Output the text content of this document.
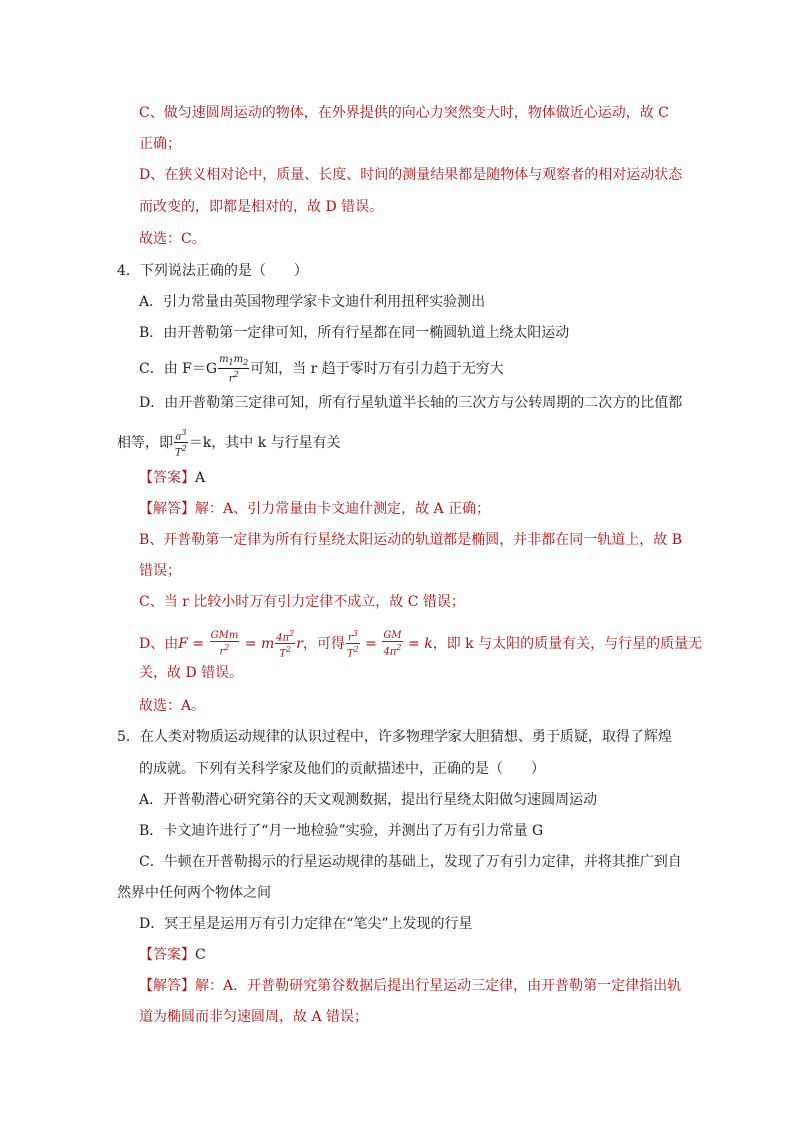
C、做匀速圆周运动的物体，在外界提供的向心力突然变大时，物体做近心运动，故 C
正确；
D、在狭义相对论中，质量、长度、时间的测量结果都是随物体与观察者的相对运动状态
而改变的，即都是相对的，故 D 错误。
故选：C。
4．下列说法正确的是（　　）
A．引力常量由英国物理学家卡文迪什利用扭秤实验测出
B．由开普勒第一定律可知，所有行星都在同一椭圆轨道上绕太阳运动
C．由 $F=G \frac{m_1m_2}{r^2}$ 可知，当 r 趋于零时万有引力趋于无穷大
D．由开普勒第三定律可知，所有行星轨道半长轴的三次方与公转周期的二次方的比值都
相等，即 $\frac{a^3}{T^2} =k$，其中 k 与行星有关
【答案】A
【解答】解：A、引力常量由卡文迪什测定，故 A 正确；
B、开普勒第一定律为所有行星绕太阳运动的轨道都是椭圆，并非都在同一轨道上，故 B
错误；
C、当 r 比较小时万有引力定律不成立，故 C 错误；
D、由$F = \frac{\text{GMm}}{r^2} = m \frac{4\pi^2}{T^2}$ r，可得 $\frac{r^3}{T^2} = \frac{GM}{4\pi^2} = k$，即 k 与太阳的质量有关，与行星的质量无
关，故 D 错误。
故选：A。
5．在人类对物质运动规律的认识过程中，许多物理学家大胆猜想、勇于质疑，取得了辉煌
的成就。下列有关科学家及他们的贡献描述中，正确的是（　　）
A．开普勒潜心研究第谷的天文观测数据，提出行星绕太阳做匀速圆周运动
B．卡文迪许进行了“月一地检验”实验，并测出了万有引力常量 G
C．牛顿在开普勒揭示的行星运动规律的基础上，发现了万有引力定律，并将其推广到自
然界中任何两个物体之间
D．冥王星是运用万有引力定律在“笔尖”上发现的行星
【答案】C
【解答】解：A．开普勒研究第谷数据后提出行星运动三定律，由开普勒第一定律指出轨
道为椭圆而非匀速圆周，故 A 错误；
